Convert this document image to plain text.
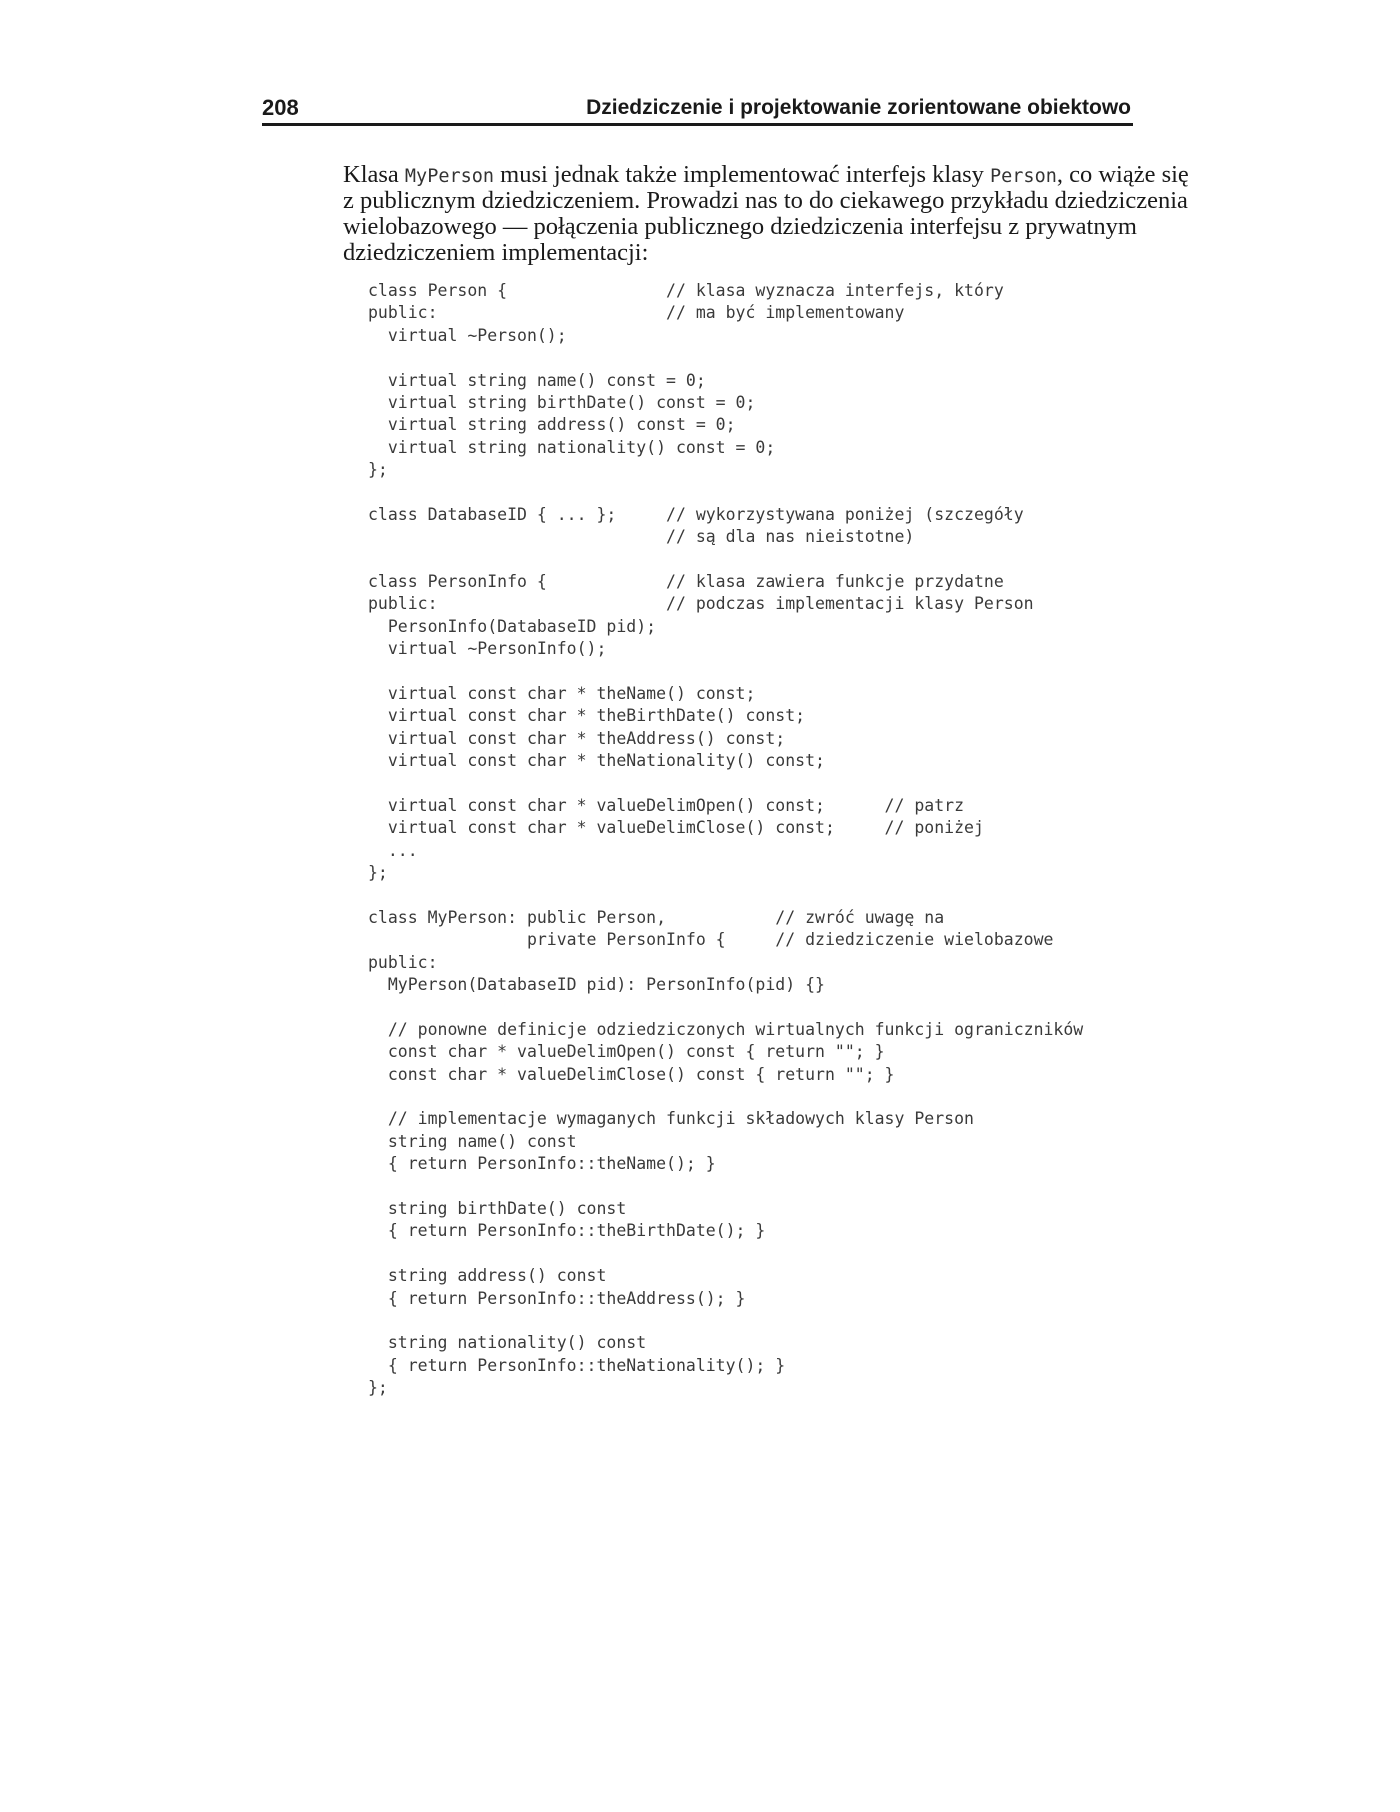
208	Dziedziczenie i projektowanie zorientowane obiektowo
Klasa MyPerson musi jednak także implementować interfejs klasy Person, co wiąże się
z publicznym dziedziczeniem. Prowadzi nas to do ciekawego przykładu dziedziczenia
wielobazowego — połączenia publicznego dziedziczenia interfejsu z prywatnym
dziedziczeniem implementacji:
class Person {                // klasa wyznacza interfejs, który
public:                       // ma być implementowany
virtual ~Person();

virtual string name() const = 0;
virtual string birthDate() const = 0;
virtual string address() const = 0;
virtual string nationality() const = 0;
};

class DatabaseID { ... };     // wykorzystywana poniżej (szczegóły
// są dla nas nieistotne)

class PersonInfo {            // klasa zawiera funkcje przydatne
public:                       // podczas implementacji klasy Person
PersonInfo(DatabaseID pid);
virtual ~PersonInfo();

virtual const char * theName() const;
virtual const char * theBirthDate() const;
virtual const char * theAddress() const;
virtual const char * theNationality() const;

virtual const char * valueDelimOpen() const;      // patrz
virtual const char * valueDelimClose() const;     // poniżej
...
};

class MyPerson: public Person,           // zwróć uwagę na
private PersonInfo {     // dziedziczenie wielobazowe
public:
MyPerson(DatabaseID pid): PersonInfo(pid) {}

// ponowne definicje odziedziczonych wirtualnych funkcji ograniczników
const char * valueDelimOpen() const { return ""; }
const char * valueDelimClose() const { return ""; }

// implementacje wymaganych funkcji składowych klasy Person
string name() const
{ return PersonInfo::theName(); }

string birthDate() const
{ return PersonInfo::theBirthDate(); }

string address() const
{ return PersonInfo::theAddress(); }

string nationality() const
{ return PersonInfo::theNationality(); }
};
